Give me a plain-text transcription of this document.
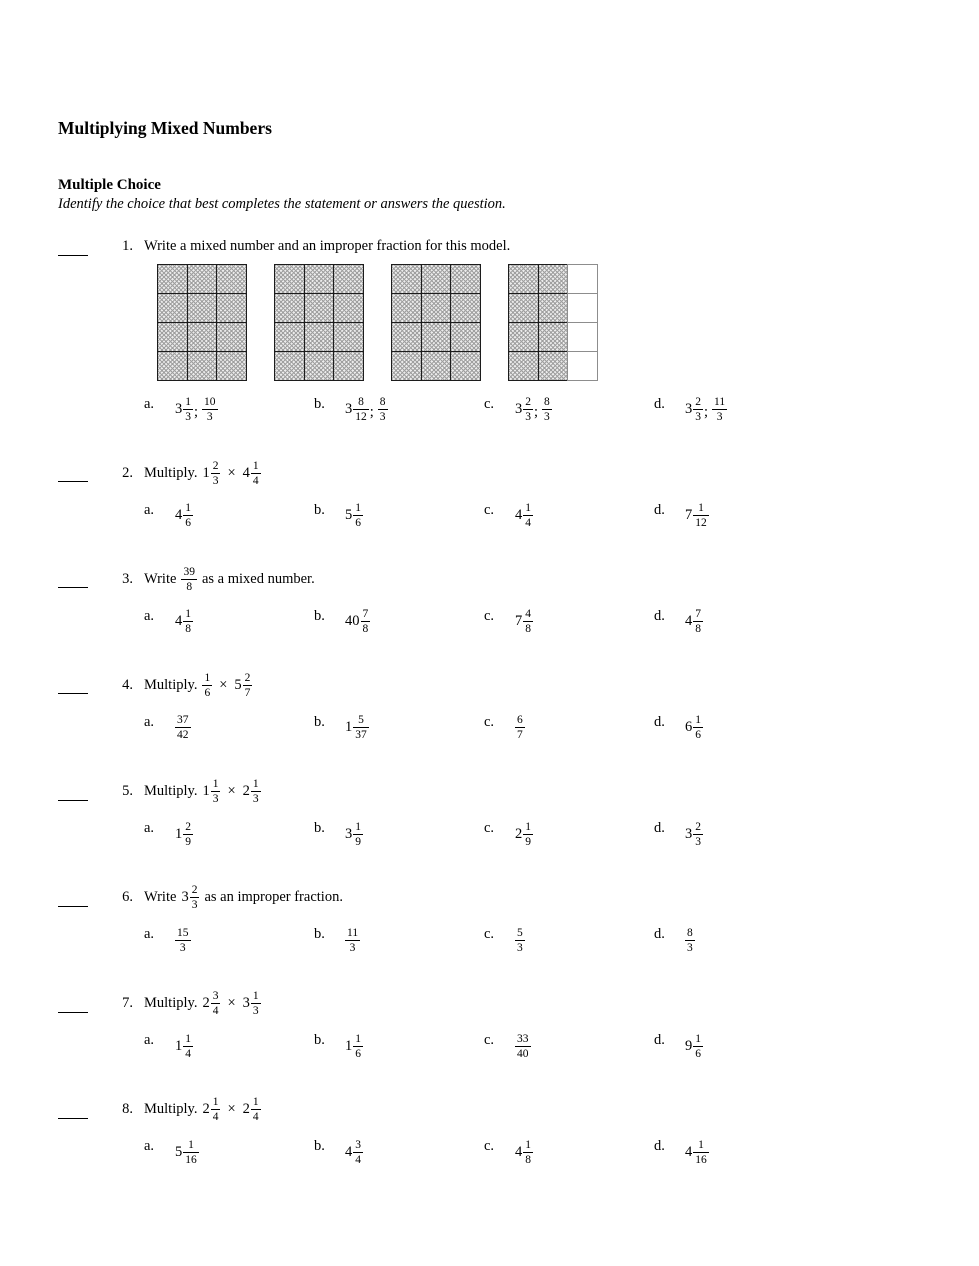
Multiplying Mixed Numbers
Multiple Choice
Identify the choice that best completes the statement or answers the question.
1. Write a mixed number and an improper fraction for this model.
a.	$3 \frac{1}{3}$ ; $\frac{10}{3}$	b.	$3 \frac{8}{12}$ ; $\frac{8}{3}$	c.	$3 \frac{2}{3}$ ; $\frac{8}{3}$	d.	$3 \frac{2}{3}$ ; $\frac{11}{3}$
2. Multiply. $1 \frac{2}{3} \times 4 \frac{1}{4}$
a.	$4 \frac{1}{6}$	b.	$5 \frac{1}{6}$	c.	$4 \frac{1}{4}$	d.	$7 \frac{1}{12}$
3. Write $\frac{39}{8}$ as a mixed number.
a.	$4 \frac{1}{8}$	b.	$40 \frac{7}{8}$	c.	$7 \frac{4}{8}$	d.	$4 \frac{7}{8}$
4. Multiply. $\frac{1}{6} \times 5 \frac{2}{7}$
a.	$\frac{37}{42}$	b.	$1 \frac{5}{37}$	c.	$\frac{6}{7}$	d.	$6 \frac{1}{6}$
5. Multiply. $1 \frac{1}{3} \times 2 \frac{1}{3}$
a.	$1 \frac{2}{9}$	b.	$3 \frac{1}{9}$	c.	$2 \frac{1}{9}$	d.	$3 \frac{2}{3}$
6. Write $3 \frac{2}{3}$ as an improper fraction.
a.	$\frac{15}{3}$	b.	$\frac{11}{3}$	c.	$\frac{5}{3}$	d.	$\frac{8}{3}$
7. Multiply. $2 \frac{3}{4} \times 3 \frac{1}{3}$
a.	$1 \frac{1}{4}$	b.	$1 \frac{1}{6}$	c.	$\frac{33}{40}$	d.	$9 \frac{1}{6}$
8. Multiply. $2 \frac{1}{4} \times 2 \frac{1}{4}$
a.	$5 \frac{1}{16}$	b.	$4 \frac{3}{4}$	c.	$4 \frac{1}{8}$	d.	$4 \frac{1}{16}$
